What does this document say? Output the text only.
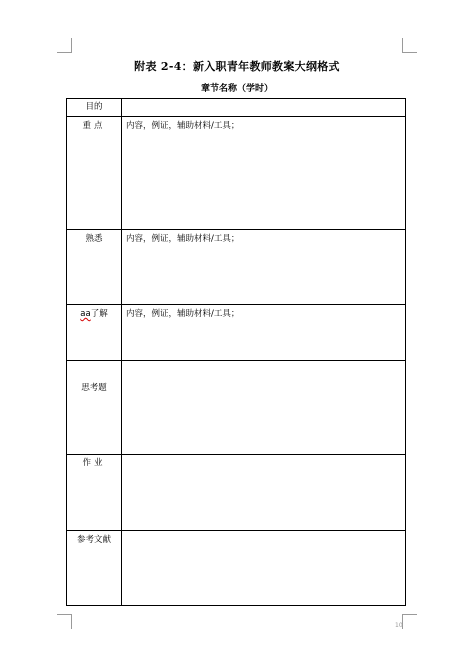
附表 2-4：新入职青年教师教案大纲格式
章节名称（学时）
目的	

重点	内容，例证，辅助材料/工具；

熟悉	内容，例证，辅助材料/工具；

aa了解	内容，例证，辅助材料/工具；

思考题	

作业	

参考文献	

10
